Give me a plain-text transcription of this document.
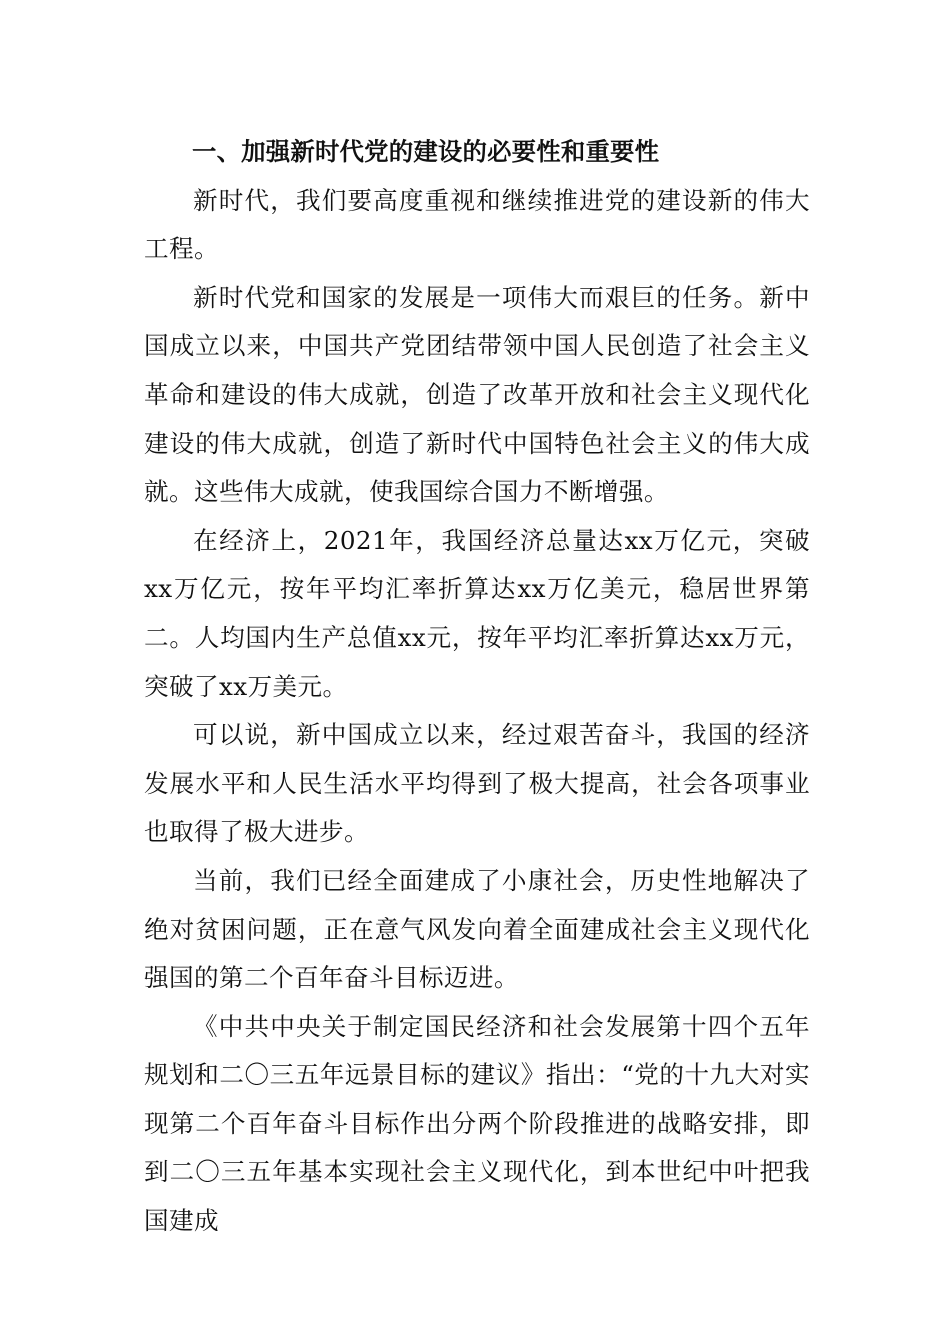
一、加强新时代党的建设的必要性和重要性

新时代，我们要高度重视和继续推进党的建设新的伟大工程。

新时代党和国家的发展是一项伟大而艰巨的任务。新中国成立以来，中国共产党团结带领中国人民创造了社会主义革命和建设的伟大成就，创造了改革开放和社会主义现代化建设的伟大成就，创造了新时代中国特色社会主义的伟大成就。这些伟大成就，使我国综合国力不断增强。

在经济上，2021年，我国经济总量达xx万亿元，突破xx万亿元，按年平均汇率折算达xx万亿美元，稳居世界第二。人均国内生产总值xx元，按年平均汇率折算达xx万元，突破了xx万美元。

可以说，新中国成立以来，经过艰苦奋斗，我国的经济发展水平和人民生活水平均得到了极大提高，社会各项事业也取得了极大进步。

当前，我们已经全面建成了小康社会，历史性地解决了绝对贫困问题，正在意气风发向着全面建成社会主义现代化强国的第二个百年奋斗目标迈进。

《中共中央关于制定国民经济和社会发展第十四个五年规划和二〇三五年远景目标的建议》指出：“党的十九大对实现第二个百年奋斗目标作出分两个阶段推进的战略安排，即到二〇三五年基本实现社会主义现代化，到本世纪中叶把我国建成
